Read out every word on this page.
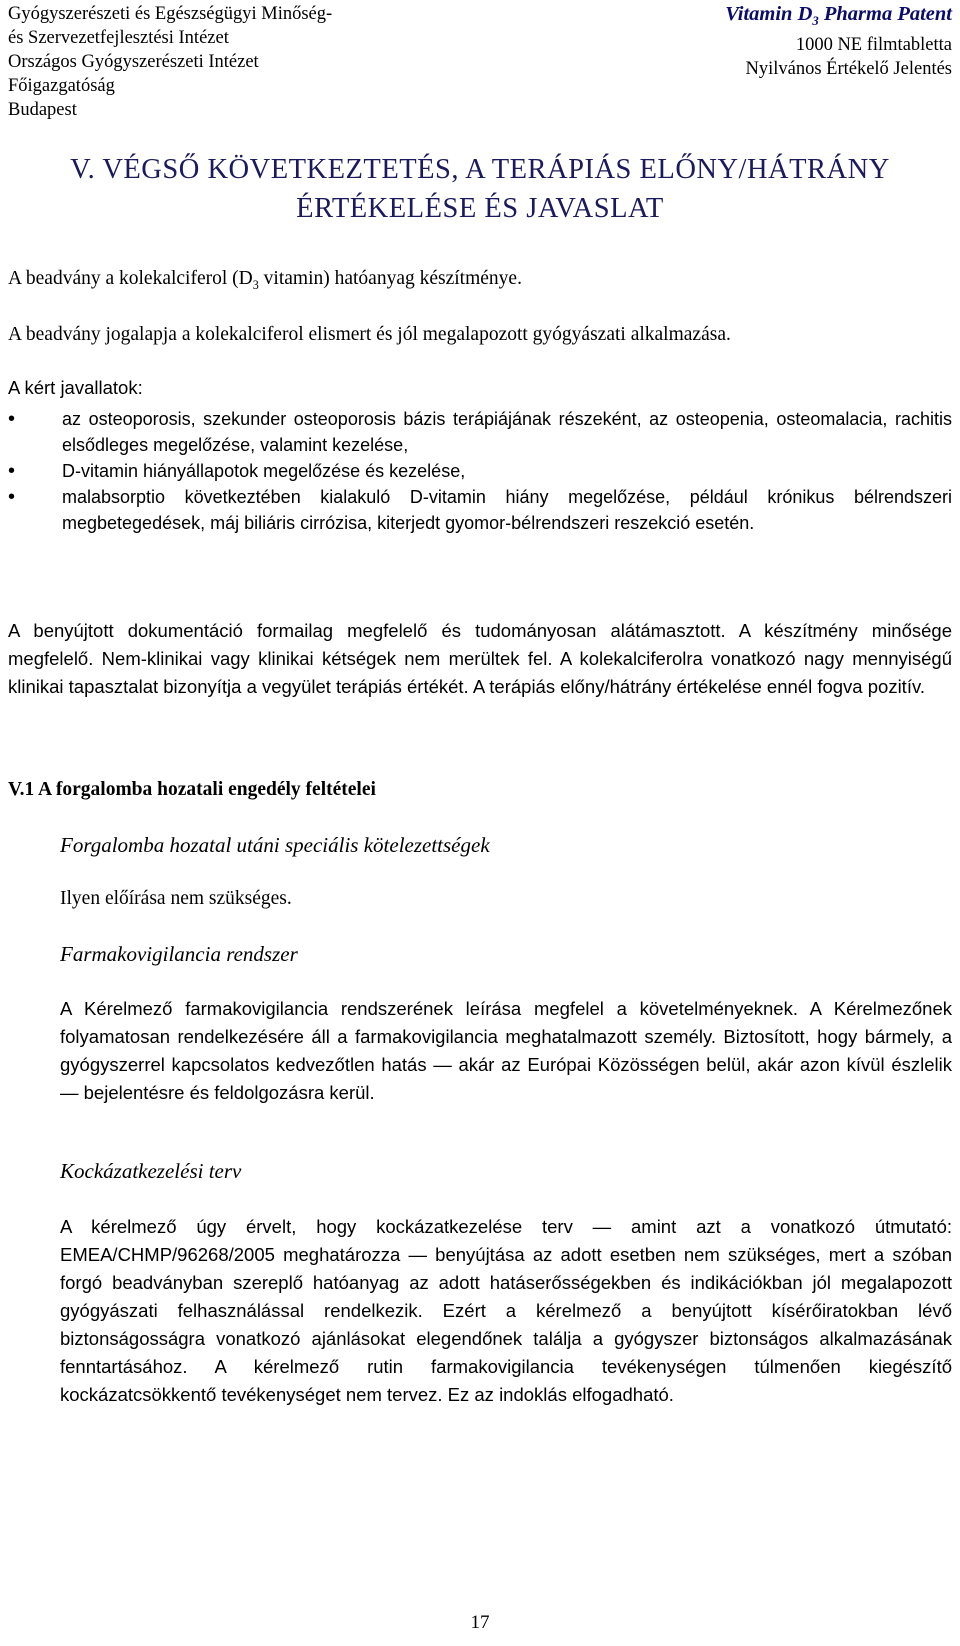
Gyógyszerészeti és Egészségügyi Minőség-
és Szervezetfejlesztési Intézet
Országos Gyógyszerészeti Intézet
Főigazgatóság
Budapest
Vitamin $D_3$ Pharma Patent
1000 NE filmtabletta
Nyilvános Értékelő Jelentés
V. VÉGSŐ KÖVETKEZTETÉS, A TERÁPIÁS ELŐNY/HÁTRÁNY
ÉRTÉKELÉSE ÉS JAVASLAT
A beadvány a kolekalciferol ($D_3$ vitamin) hatóanyag készítménye.
A beadvány jogalapja a kolekalciferol elismert és jól megalapozott gyógyászati alkalmazása.
A kért javallatok:
• az osteoporosis, szekunder osteoporosis bázis terápiájának részeként, az osteopenia, osteomalacia, rachitis elsődleges megelőzése, valamint kezelése,
• D-vitamin hiányállapotok megelőzése és kezelése,
• malabsorptio következtében kialakuló D-vitamin hiány megelőzése, például krónikus bélrendszeri megbetegedések, máj biliáris cirrózisa, kiterjedt gyomor-bélrendszeri reszekció esetén.
A benyújtott dokumentáció formailag megfelelő és tudományosan alátámasztott. A készítmény minősége megfelelő. Nem-klinikai vagy klinikai kétségek nem merültek fel. A kolekalciferolra vonatkozó nagy mennyiségű klinikai tapasztalat bizonyítja a vegyület terápiás értékét. A terápiás előny/hátrány értékelése ennél fogva pozitív.
V.1 A forgalomba hozatali engedély feltételei
Forgalomba hozatal utáni speciális kötelezettségek
Ilyen előírása nem szükséges.
Farmakovigilancia rendszer
A Kérelmező farmakovigilancia rendszerének leírása megfelel a követelményeknek. A Kérelmezőnek folyamatosan rendelkezésére áll a farmakovigilancia meghatalmazott személy. Biztosított, hogy bármely, a gyógyszerrel kapcsolatos kedvezőtlen hatás — akár az Európai Közösségen belül, akár azon kívül észlelik — bejelentésre és feldolgozásra kerül.
Kockázatkezelési terv
A kérelmező úgy érvelt, hogy kockázatkezelése terv — amint azt a vonatkozó útmutató: EMEA/CHMP/96268/2005 meghatározza — benyújtása az adott esetben nem szükséges, mert a szóban forgó beadványban szereplő hatóanyag az adott hatáserősségekben és indikációkban jól megalapozott gyógyászati felhasználással rendelkezik. Ezért a kérelmező a benyújtott kísérőiratokban lévő biztonságosságra vonatkozó ajánlásokat elegendőnek találja a gyógyszer biztonságos alkalmazásának fenntartásához. A kérelmező rutin farmakovigilancia tevékenységen túlmenően kiegészítő kockázatcsökkentő tevékenységet nem tervez. Ez az indoklás elfogadható.
17
